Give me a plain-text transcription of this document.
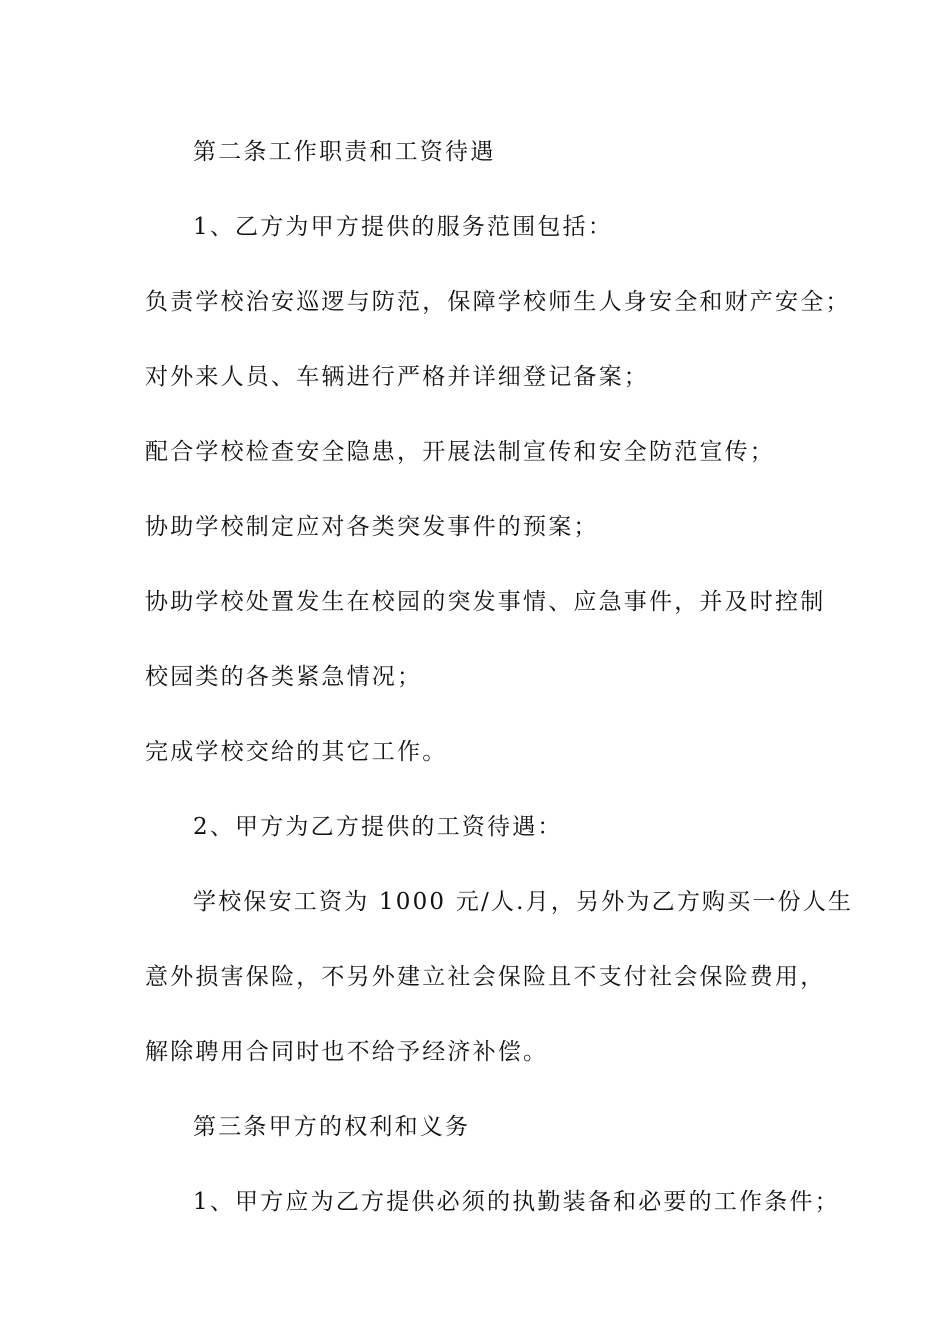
第二条工作职责和工资待遇
1、乙方为甲方提供的服务范围包括：
负责学校治安巡逻与防范，保障学校师生人身安全和财产安全；
对外来人员、车辆进行严格并详细登记备案；
配合学校检查安全隐患，开展法制宣传和安全防范宣传；
协助学校制定应对各类突发事件的预案；
协助学校处置发生在校园的突发事情、应急事件，并及时控制
校园类的各类紧急情况；
完成学校交给的其它工作。
2、甲方为乙方提供的工资待遇：
学校保安工资为 1000 元/人.月，另外为乙方购买一份人生
意外损害保险，不另外建立社会保险且不支付社会保险费用，
解除聘用合同时也不给予经济补偿。
第三条甲方的权利和义务
1、甲方应为乙方提供必须的执勤装备和必要的工作条件；
